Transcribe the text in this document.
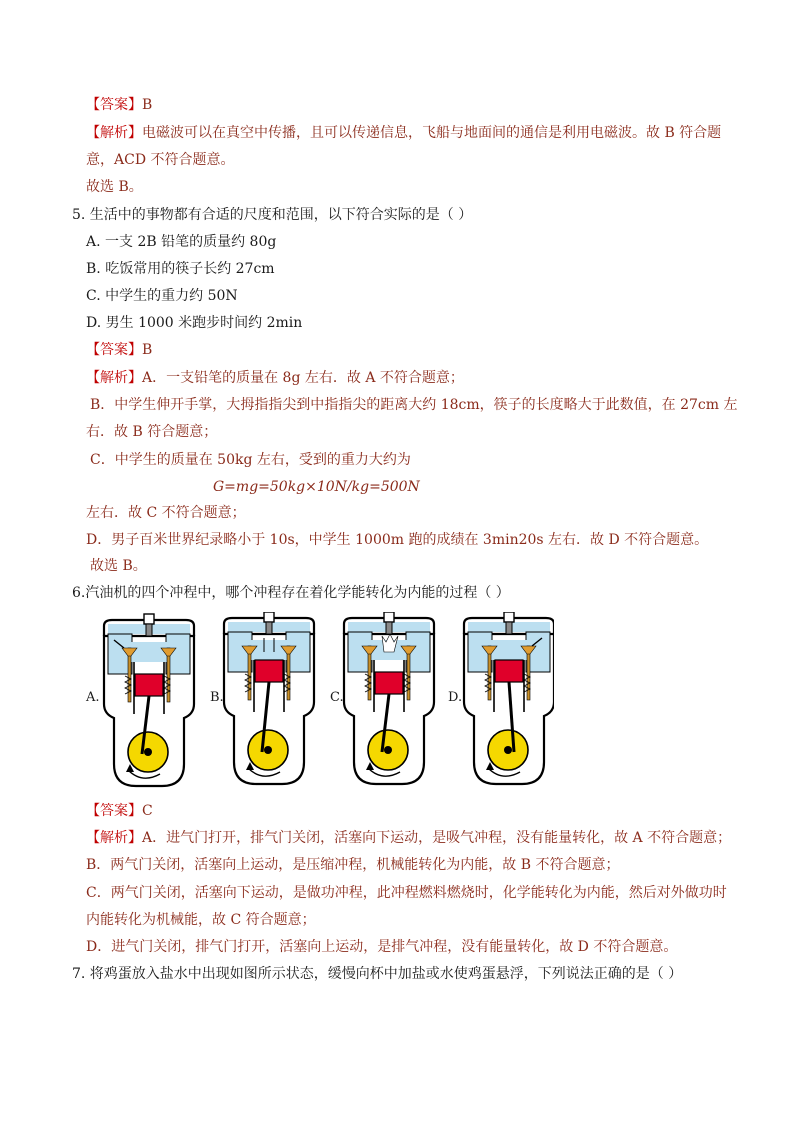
【答案】B
【解析】电磁波可以在真空中传播，且可以传递信息，飞船与地面间的通信是利用电磁波。故 B 符合题
意，ACD 不符合题意。
故选 B。
5. 生活中的事物都有合适的尺度和范围，以下符合实际的是（ ）
A. 一支 2B 铅笔的质量约 80g
B. 吃饭常用的筷子长约 27cm
C. 中学生的重力约 50N
D. 男生 1000 米跑步时间约 2min
【答案】B
【解析】A．一支铅笔的质量在 8g 左右．故 A 不符合题意；
B．中学生伸开手掌，大拇指指尖到中指指尖的距离大约 18cm，筷子的长度略大于此数值，在 27cm 左
右．故 B 符合题意；
C．中学生的质量在 50kg 左右，受到的重力大约为
G=mg=50kg×10N/kg=500N
左右．故 C 不符合题意；
D．男子百米世界纪录略小于 10s，中学生 1000m 跑的成绩在 3min20s 左右．故 D 不符合题意。
故选 B。
6.汽油机的四个冲程中，哪个冲程存在着化学能转化为内能的过程（ ）
A.	B.	C.	D.
【答案】C
【解析】A．进气门打开，排气门关闭，活塞向下运动，是吸气冲程，没有能量转化，故 A 不符合题意；
B．两气门关闭，活塞向上运动，是压缩冲程，机械能转化为内能，故 B 不符合题意；
C．两气门关闭，活塞向下运动，是做功冲程，此冲程燃料燃烧时，化学能转化为内能，然后对外做功时
内能转化为机械能，故 C 符合题意；
D．进气门关闭，排气门打开，活塞向上运动，是排气冲程，没有能量转化，故 D 不符合题意。
7. 将鸡蛋放入盐水中出现如图所示状态，缓慢向杯中加盐或水使鸡蛋悬浮，下列说法正确的是（ ）
